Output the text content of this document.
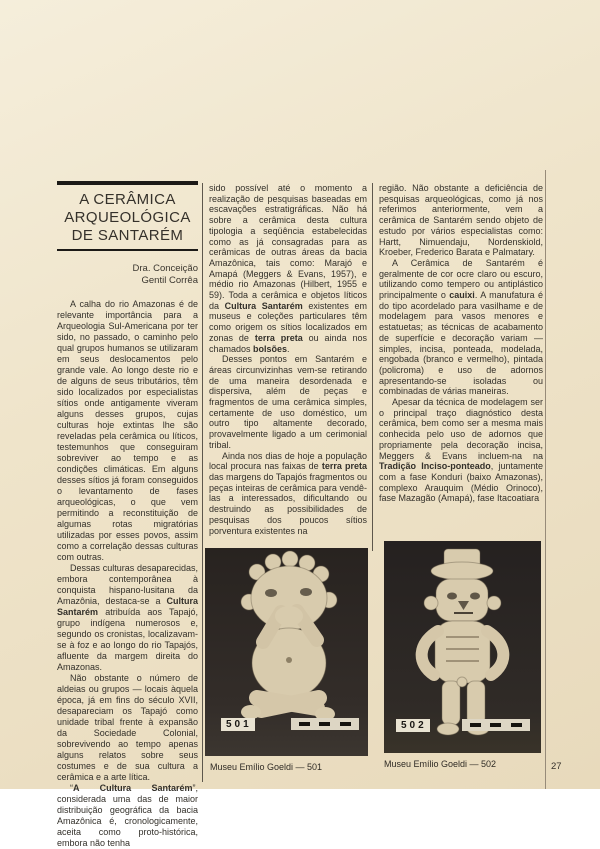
A CERÂMICA ARQUEOLÓGICA DE SANTARÉM
Dra. Conceição Gentil Corrêa

A calha do rio Amazonas é de relevante importância para a Arqueologia Sul-Americana por ter sido, no passado, o caminho pelo qual grupos humanos se utilizaram em seus deslocamentos pelo grande vale. Ao longo deste rio e de alguns de seus tributários, têm sido localizados por especialistas sítios onde antigamente viveram alguns desses grupos, cujas culturas hoje extintas lhe são reveladas pela cerâmica ou líticos, testemunhos que conseguiram sobreviver ao tempo e as condições climáticas. Em alguns desses sítios já foram conseguidos o levantamento de fases arqueológicas, o que vem permitindo a reconstituição de algumas rotas migratórias utilizadas por esses povos, assim como a correlação dessas culturas com outras.

Dessas culturas desaparecidas, embora contemporânea à conquista hispano-lusitana da Amazônia, destaca-se a Cultura Santarém atribuída aos Tapajó, grupo indígena numerosos e, segundo os cronistas, localizavam-se à foz e ao longo do rio Tapajós, afluente da margem direita do Amazonas.

Não obstante o número de aldeias ou grupos — locais àquela época, já em fins do século XVII, desapareciam os Tapajó como unidade tribal frente à expansão da Sociedade Colonial, sobrevivendo ao tempo apenas alguns relatos sobre seus costumes e de sua cultura a cerâmica e a arte lítica.

“A Cultura Santarém”, considerada uma das de maior distribuição geográfica da bacia Amazônica é, cronologicamente, aceita como proto-histórica, embora não tenha

sido possível até o momento a realização de pesquisas baseadas em escavações estratigráficas. Não há sobre a cerâmica desta cultura tipologia a seqüência estabelecidas como as já consagradas para as cerâmicas de outras áreas da bacia Amazônica, tais como: Marajó e Amapá (Meggers & Evans, 1957), e médio rio Amazonas (Hilbert, 1955 e 59). Toda a cerâmica e objetos líticos da Cultura Santarém existentes em museus e coleções particulares têm como origem os sítios localizados em zonas de terra preta ou ainda nos chamados bolsões.

Desses pontos em Santarém e áreas circunvizinhas vem-se retirando de uma maneira desordenada e dispersiva, além de peças e fragmentos de uma cerâmica simples, certamente de uso doméstico, um outro tipo altamente decorado, provavelmente ligado a um cerimonial tribal.

Ainda nos dias de hoje a população local procura nas faixas de terra preta das margens do Tapajós fragmentos ou peças inteiras de cerâmica para vendê-las a interessados, dificultando ou destruindo as possibilidades de pesquisas dos poucos sítios porventura existentes na

região. Não obstante a deficiência de pesquisas arqueológicas, como já nos referimos anteriormente, vem a cerâmica de Santarém sendo objeto de estudo por vários especialistas como: Hartt, Nimuendaju, Nordenskiold, Kroeber, Frederico Barata e Palmatary.

A Cerâmica de Santarém é geralmente de cor ocre claro ou escuro, utilizando como tempero ou antiplástico principalmente o cauixi. A manufatura é do tipo acordelado para vasilhame e de modelagem para vasos menores e estatuetas; as técnicas de acabamento de superfície e decoração variam — simples, incisa, ponteada, modelada, engobada (branco e vermelho), pintada (policroma) e uso de adornos apresentando-se isoladas ou combinadas de várias maneiras.

Apesar da técnica de modelagem ser o principal traço diagnóstico desta cerâmica, bem como ser a mesma mais conhecida pelo uso de adornos que propriamente pela decoração incisa, Meggers & Evans incluem-na na Tradição Inciso-ponteado, juntamente com a fase Konduri (baixo Amazonas), complexo Arauquim (Médio Orinoco), fase Mazagão (Amapá), fase Itacoatiara

501	502
Museu Emílio Goeldi — 501	Museu Emílio Goeldi — 502	27
